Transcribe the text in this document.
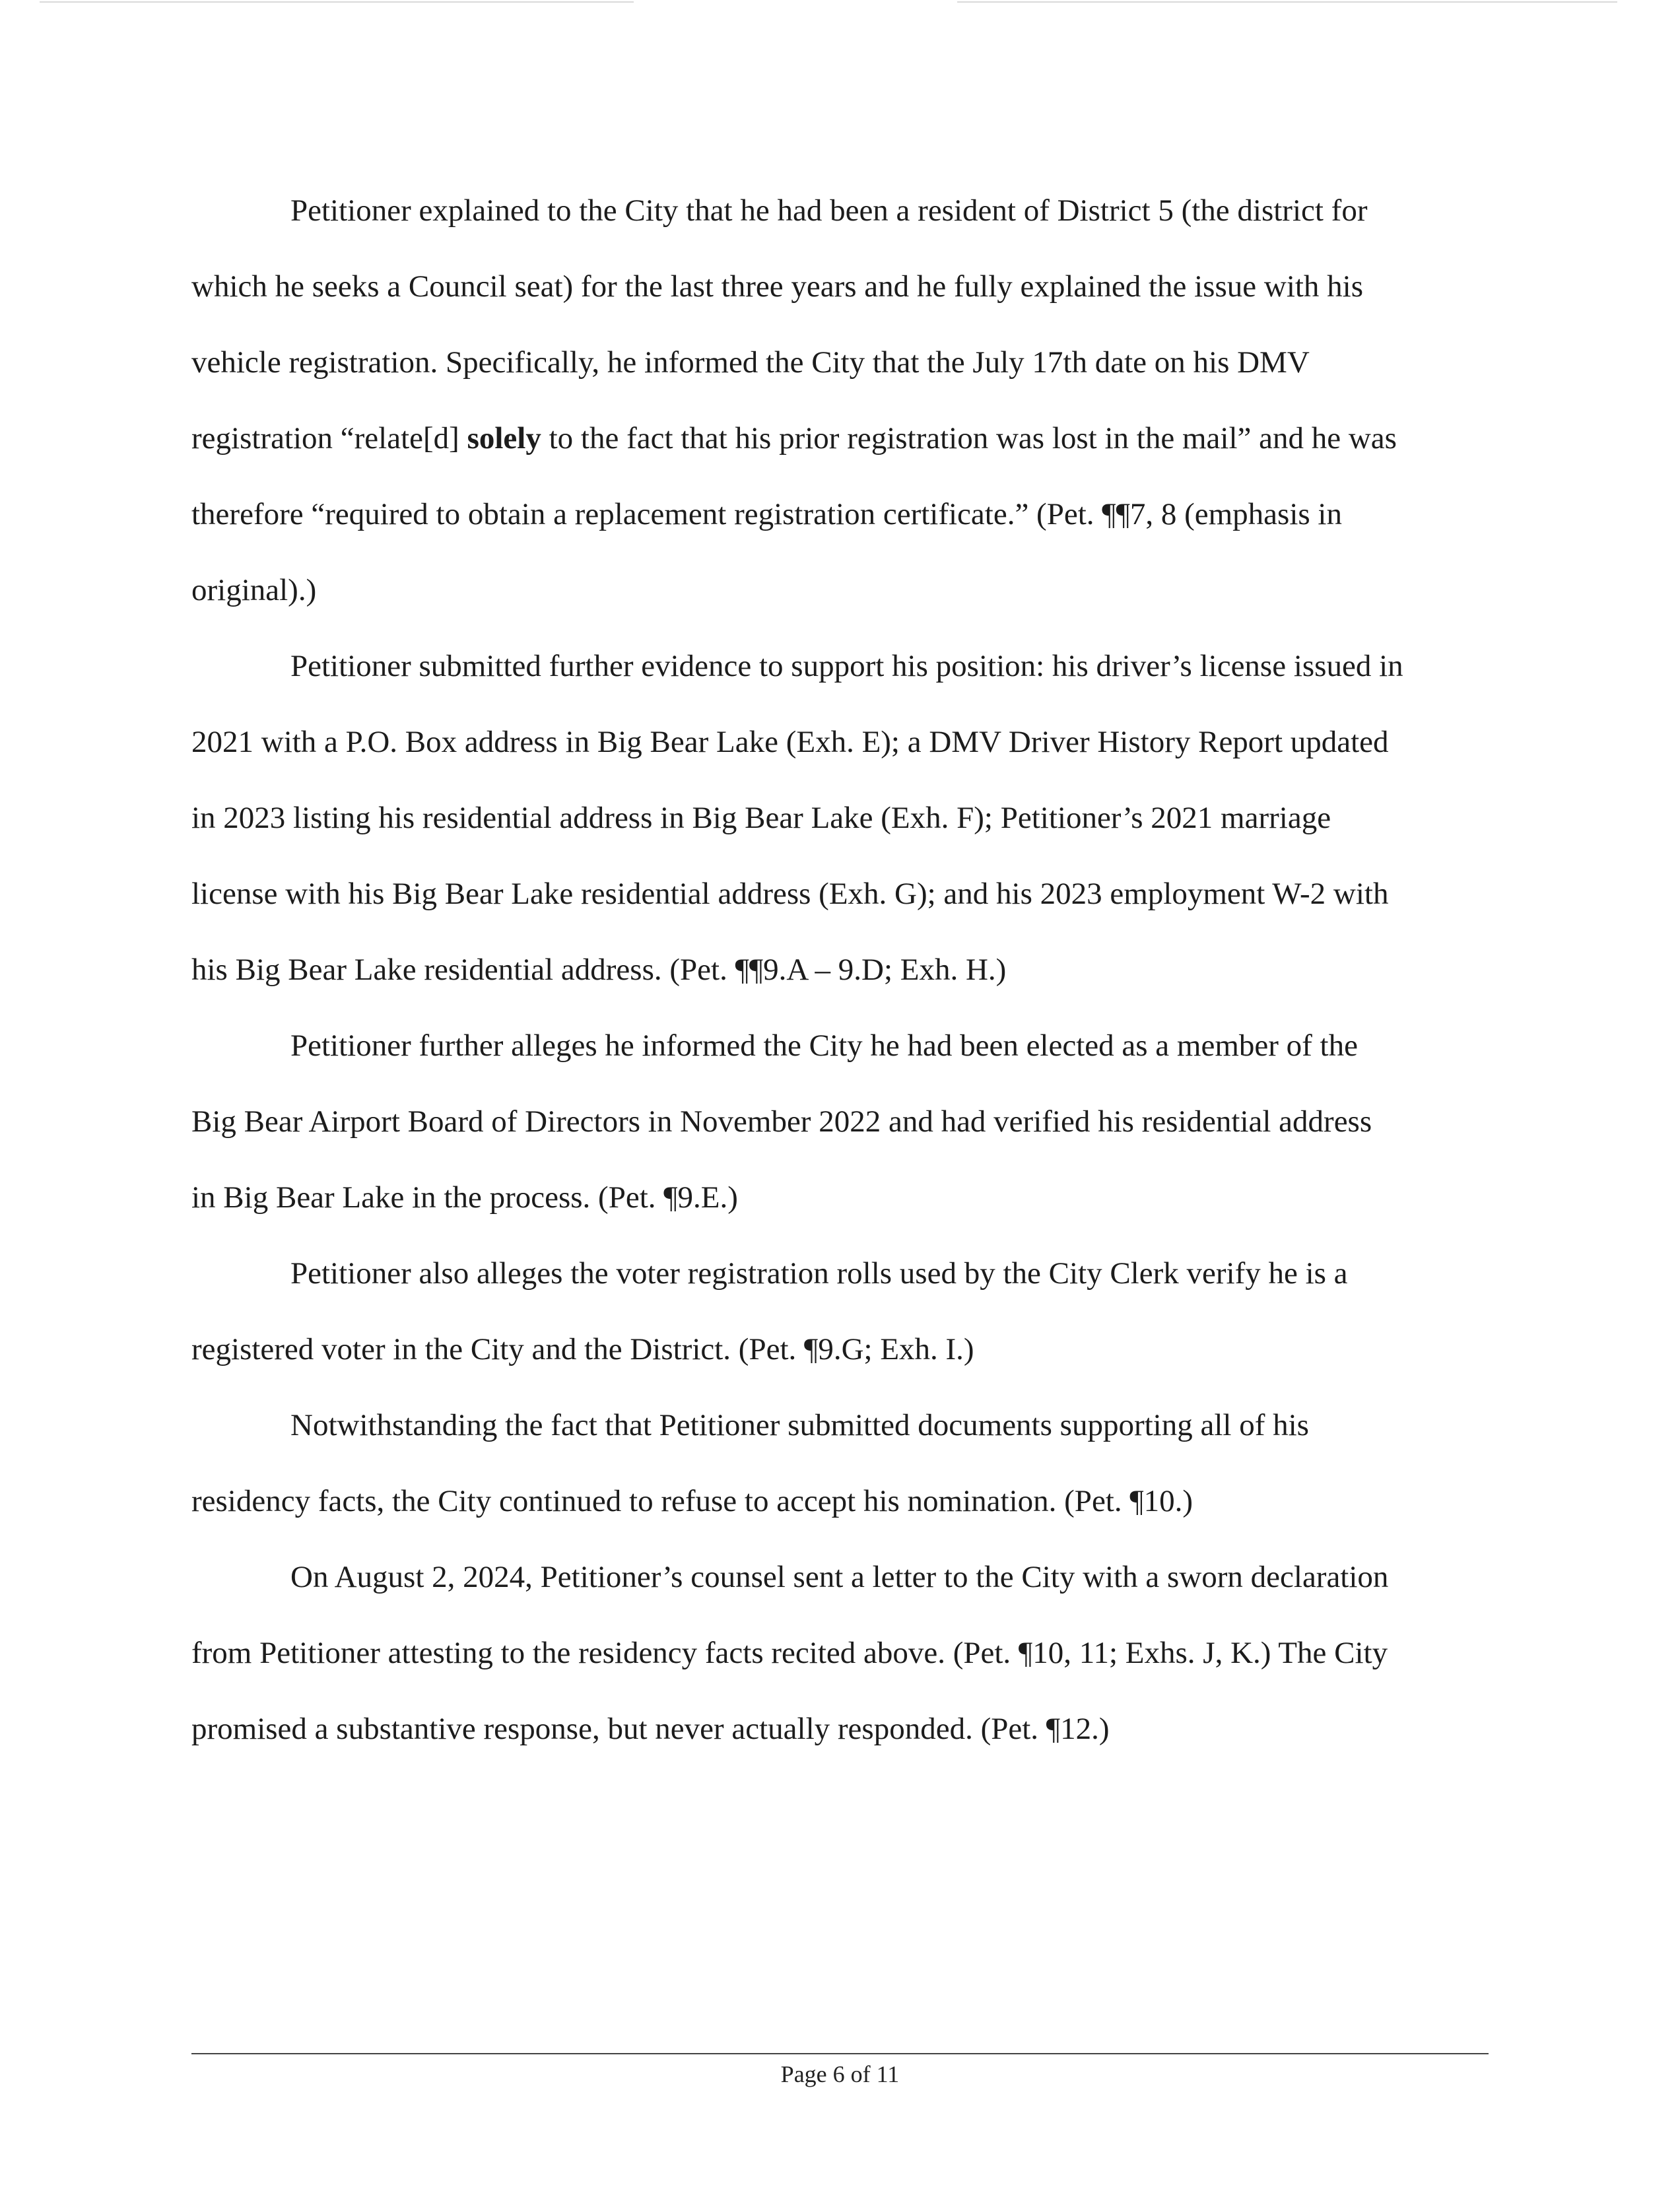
Petitioner explained to the City that he had been a resident of District 5 (the district for
which he seeks a Council seat) for the last three years and he fully explained the issue with his
vehicle registration. Specifically, he informed the City that the July 17th date on his DMV
registration “relate[d] solely to the fact that his prior registration was lost in the mail” and he was
therefore “required to obtain a replacement registration certificate.” (Pet. ¶¶7, 8 (emphasis in
original).)
Petitioner submitted further evidence to support his position: his driver’s license issued in
2021 with a P.O. Box address in Big Bear Lake (Exh. E); a DMV Driver History Report updated
in 2023 listing his residential address in Big Bear Lake (Exh. F); Petitioner’s 2021 marriage
license with his Big Bear Lake residential address (Exh. G); and his 2023 employment W-2 with
his Big Bear Lake residential address. (Pet. ¶¶9.A – 9.D; Exh. H.)
Petitioner further alleges he informed the City he had been elected as a member of the
Big Bear Airport Board of Directors in November 2022 and had verified his residential address
in Big Bear Lake in the process. (Pet. ¶9.E.)
Petitioner also alleges the voter registration rolls used by the City Clerk verify he is a
registered voter in the City and the District. (Pet. ¶9.G; Exh. I.)
Notwithstanding the fact that Petitioner submitted documents supporting all of his
residency facts, the City continued to refuse to accept his nomination. (Pet. ¶10.)
On August 2, 2024, Petitioner’s counsel sent a letter to the City with a sworn declaration
from Petitioner attesting to the residency facts recited above. (Pet. ¶10, 11; Exhs. J, K.) The City
promised a substantive response, but never actually responded. (Pet. ¶12.)
Page 6 of 11
